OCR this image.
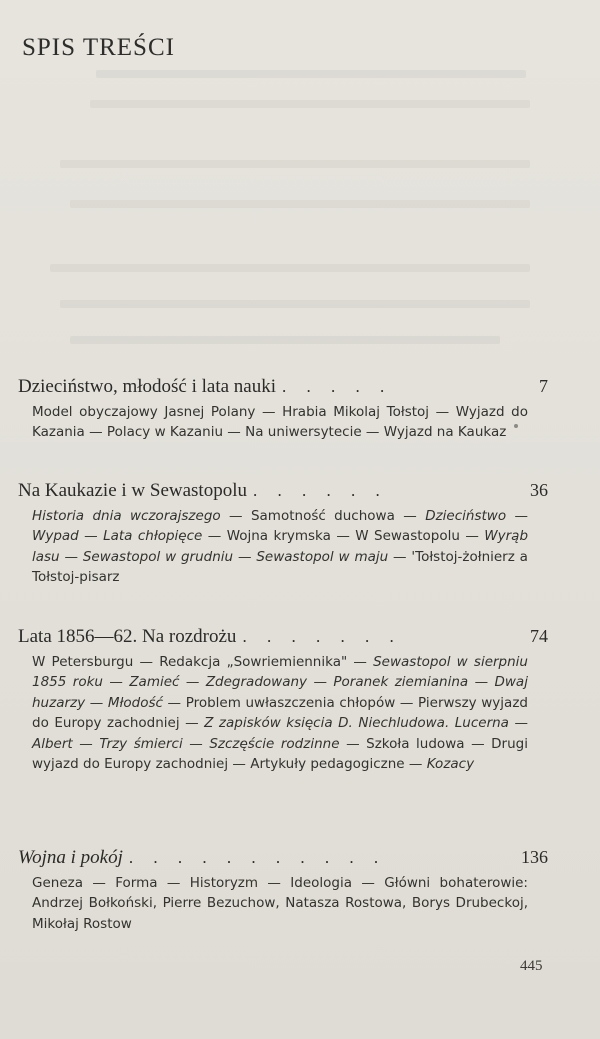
SPIS TREŚCI
Dzieciństwo, młodość i lata nauki . . . . .	7
Model obyczajowy Jasnej Polany — Hrabia Mikolaj Tołstoj — Wyjazd do Kazania — Polacy w Kazaniu — Na uniwersytecie — Wyjazd na Kaukaz
Na Kaukazie i w Sewastopolu . . . . . .	36
Historia dnia wczorajszego — Samotność duchowa — Dzieciństwo — Wypad — Lata chłopięce — Wojna krymska — W Sewastopolu — Wyrąb lasu — Sewastopol w grudniu — Sewastopol w maju — 'Tołstoj-żołnierz a Tołstoj-pisarz
Lata 1856—62. Na rozdrożu . . . . . . .	74
W Petersburgu — Redakcja „Sowriemiennika" — Sewastopol w sierpniu 1855 roku — Zamieć — Zdegradowany — Poranek ziemianina — Dwaj huzarzy — Młodość — Problem uwłaszczenia chłopów — Pierwszy wyjazd do Europy zachodniej — Z zapisków księcia D. Niechludowa. Lucerna — Albert — Trzy śmierci — Szczęście rodzinne — Szkoła ludowa — Drugi wyjazd do Europy zachodniej — Artykuły pedagogiczne — Kozacy
Wojna i pokój . . . . . . . . . . .	136
Geneza — Forma — Historyzm — Ideologia — Główni bohaterowie: Andrzej Bołkoński, Pierre Bezuchow, Natasza Rostowa, Borys Drubeckoj, Mikołaj Rostow
445
